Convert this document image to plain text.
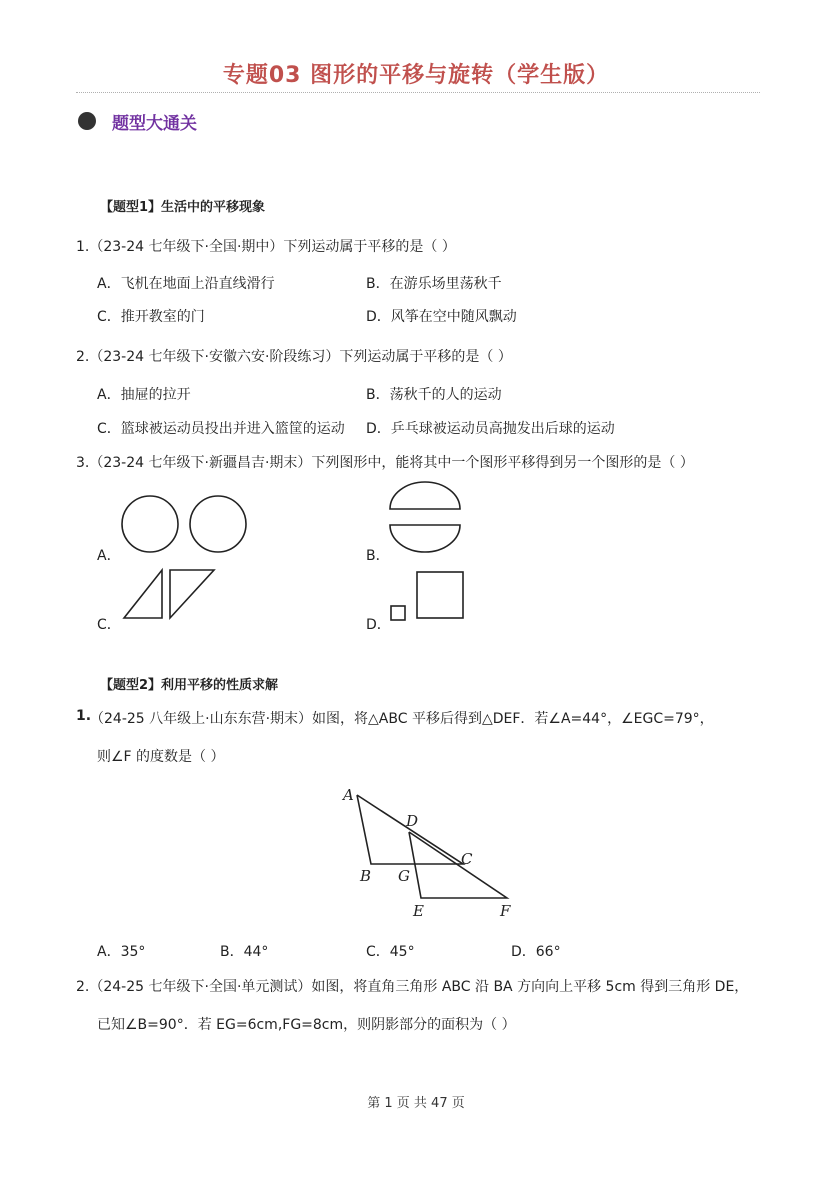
专题03 图形的平移与旋转（学生版）
题型大通关
【题型1】生活中的平移现象
1.（23-24 七年级下·全国·期中）下列运动属于平移的是（ ）
A．飞机在地面上沿直线滑行	B．在游乐场里荡秋千
C．推开教室的门	D．风筝在空中随风飘动
2.（23-24 七年级下·安徽六安·阶段练习）下列运动属于平移的是（ ）
A．抽屉的拉开	B．荡秋千的人的运动
C．篮球被运动员投出并进入篮筐的运动 D．乒乓球被运动员高抛发出后球的运动
3.（23-24 七年级下·新疆昌吉·期末）下列图形中，能将其中一个图形平移得到另一个图形的是（ ）
A．	B．
C．	D．
【题型2】利用平移的性质求解
1.
（24-25 八年级上·山东东营·期末）如图，将△ABC 平移后得到△DEF．若∠A=44°，∠EGC=79°，
则∠F 的度数是（ ）
A
B
C
D
E	F
G
A．35°	B．44°	C．45°	D．66°
2.（24-25 七年级下·全国·单元测试）如图，将直角三角形 ABC 沿 BA 方向向上平移 5cm 得到三角形 DE，
已知∠B=90°．若 EG=6cm,FG=8cm，则阴影部分的面积为（ ）
第 1 页 共 47 页
